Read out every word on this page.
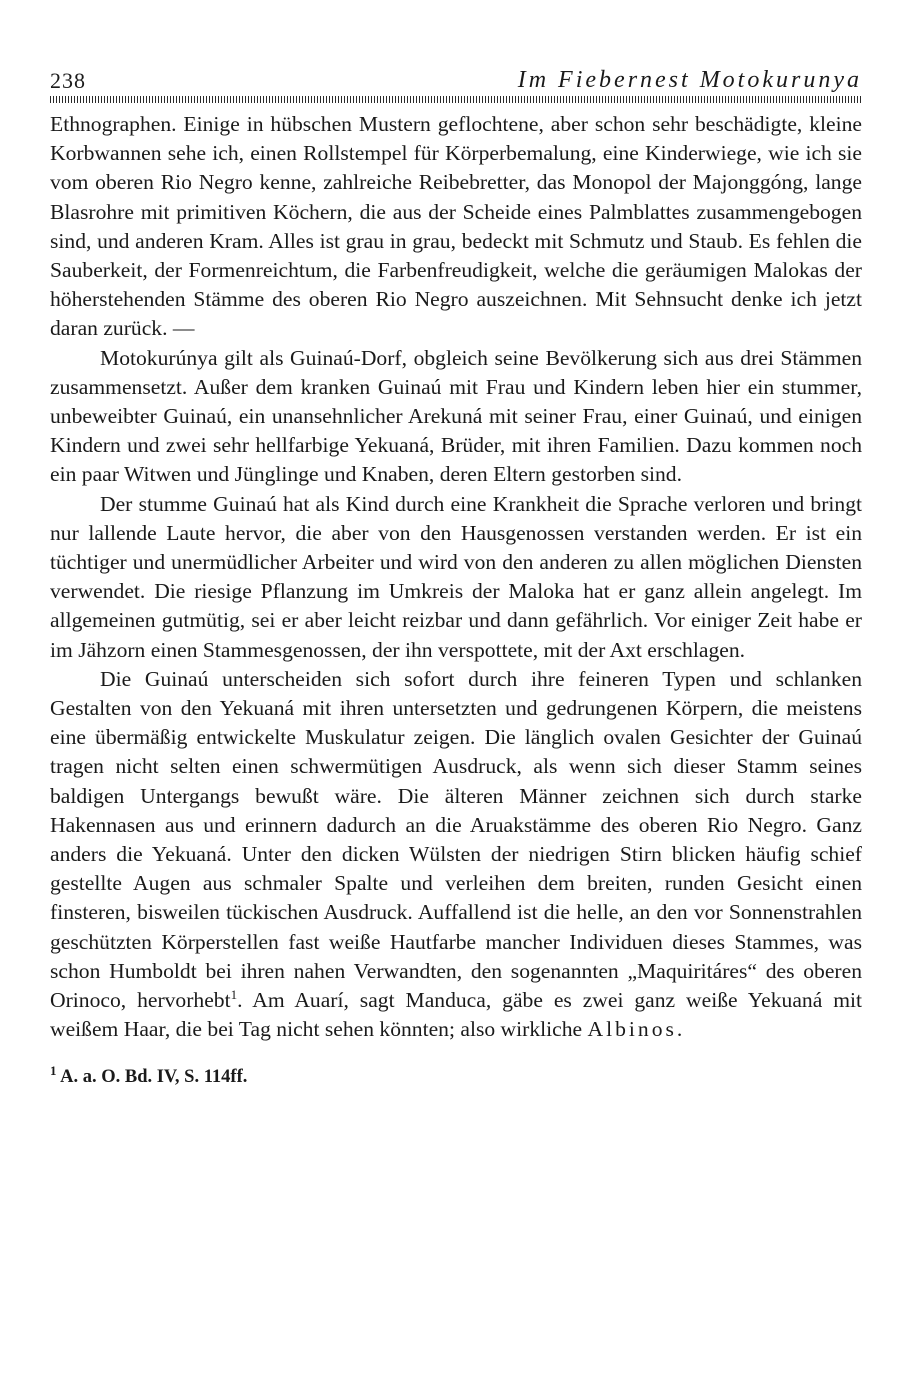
238	Im Fiebernest Motokurunya

Ethnographen. Einige in hübschen Mustern geflochtene, aber schon sehr beschädigte, kleine Korbwannen sehe ich, einen Rollstempel für Körperbemalung, eine Kinderwiege, wie ich sie vom oberen Rio Negro kenne, zahlreiche Reibebretter, das Monopol der Majonggóng, lange Blasrohre mit primitiven Köchern, die aus der Scheide eines Palmblattes zusammengebogen sind, und anderen Kram. Alles ist grau in grau, bedeckt mit Schmutz und Staub. Es fehlen die Sauberkeit, der Formenreichtum, die Farbenfreudigkeit, welche die geräumigen Malokas der höherstehenden Stämme des oberen Rio Negro auszeichnen. Mit Sehnsucht denke ich jetzt daran zurück. —

Motokurúnya gilt als Guinaú-Dorf, obgleich seine Bevölkerung sich aus drei Stämmen zusammensetzt. Außer dem kranken Guinaú mit Frau und Kindern leben hier ein stummer, unbeweibter Guinaú, ein unansehnlicher Arekuná mit seiner Frau, einer Guinaú, und einigen Kindern und zwei sehr hellfarbige Yekuaná, Brüder, mit ihren Familien. Dazu kommen noch ein paar Witwen und Jünglinge und Knaben, deren Eltern gestorben sind.

Der stumme Guinaú hat als Kind durch eine Krankheit die Sprache verloren und bringt nur lallende Laute hervor, die aber von den Hausgenossen verstanden werden. Er ist ein tüchtiger und unermüdlicher Arbeiter und wird von den anderen zu allen möglichen Diensten verwendet. Die riesige Pflanzung im Umkreis der Maloka hat er ganz allein angelegt. Im allgemeinen gutmütig, sei er aber leicht reizbar und dann gefährlich. Vor einiger Zeit habe er im Jähzorn einen Stammesgenossen, der ihn verspottete, mit der Axt erschlagen.

Die Guinaú unterscheiden sich sofort durch ihre feineren Typen und schlanken Gestalten von den Yekuaná mit ihren untersetzten und gedrungenen Körpern, die meistens eine übermäßig entwickelte Muskulatur zeigen. Die länglich ovalen Gesichter der Guinaú tragen nicht selten einen schwermütigen Ausdruck, als wenn sich dieser Stamm seines baldigen Untergangs bewußt wäre. Die älteren Männer zeichnen sich durch starke Hakennasen aus und erinnern dadurch an die Aruakstämme des oberen Rio Negro. Ganz anders die Yekuaná. Unter den dicken Wülsten der niedrigen Stirn blicken häufig schief gestellte Augen aus schmaler Spalte und verleihen dem breiten, runden Gesicht einen finsteren, bisweilen tückischen Ausdruck. Auffallend ist die helle, an den vor Sonnenstrahlen geschützten Körperstellen fast weiße Hautfarbe mancher Individuen dieses Stammes, was schon Humboldt bei ihren nahen Verwandten, den sogenannten „Maquiritáres“ des oberen Orinoco, hervorhebt$^1$. Am Auarí, sagt Manduca, gäbe es zwei ganz weiße Yekuaná mit weißem Haar, die bei Tag nicht sehen könnten; also wirkliche Albinos.

$^1$ A. a. O. Bd. IV, S. 114ff.
